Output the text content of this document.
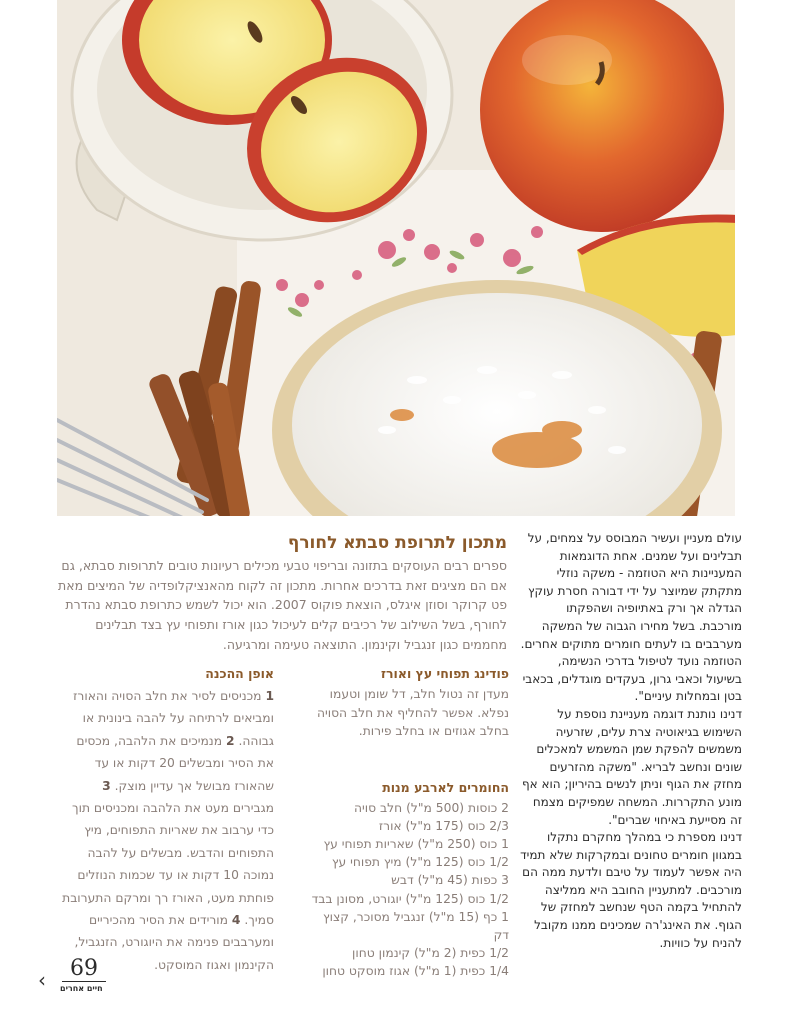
עולם מעניין ועשיר המבוסס על צמחים, על תבלינים ועל שמנים. אחת הדוגמאות המעניינות היא הטוזמה - משקה נוזלי מתקתק שמיוצר על ידי דבורה חסרת עוקץ הגדלה אך ורק באתיופיה ושהפקתו מורכבת. בשל מחירו הגבוה של המשקה מערבבים בו לעתים חומרים מתוקים אחרים. הטוזמה נועד לטיפול בדרכי הנשימה, בשיעול וכאבי גרון, בעקדים מוגדלים, בכאבי בטן ובמחלות עיניים".

דנינו נותנת דוגמה מעניינת נוספת על השימוש בגיאוטיה צרת עלים, שזרעיה משמשים להפקת שמן המשמש למאכלים שונים ונחשב לבריא. "משקה מהזרעים מחזק את הגוף וניתן לנשים בהיריון; הוא אף מונע התקררות. המשחה שמפיקים מצמח זה מסייעת באיחוי שברים".

דנינו מספרת כי במהלך מחקרם נתקלו במגוון חומרים טחונים ובמקרקות שלא תמיד היה אפשר לעמוד על טיבם ולדעת ממה הם מורכבים. למתעניין החובב היא ממליצה להתחיל בקמה הטף שנחשב למחזק של הגוף. את האינג'רה שמכינים ממנו מקובל להניח על כוויות.

מתכון לתרופת סבתא לחורף

ספרים רבים העוסקים בתזונה ובריפוי טבעי מכילים רעיונות טובים לתרופות סבתא, גם אם הם מציגים זאת בדרכים אחרות. מתכון זה לקוח מהאנציקלופדיה של המיצים מאת פט קרוקר וסוזן איגלס, הוצאת פוקוס 2007. הוא יכול לשמש כתרופת סבתא נהדרת לחורף, בשל השילוב של רכיבים קלים לעיכול כגון אורז ותפוחי עץ בצד תבלינים מחממים כגון זנגביל וקינמון. התוצאה טעימה ומרגיעה.

פודינג תפוחי עץ ואורז

מעדן זה נטול חלב, דל שומן וטעמו נפלא. אפשר להחליף את חלב הסויה בחלב אגוזים או בחלב פירות.

החומרים לארבע מנות
2 כוסות (500 מ"ל) חלב סויה
2/3 כוס (175 מ"ל) אורז
1 כוס (250 מ"ל) שאריות תפוחי עץ
1/2 כוס (125 מ"ל) מיץ תפוחי עץ
3 כפות (45 מ"ל) דבש
1/2 כוס (125 מ"ל) יוגורט, מסונן בבד
1 כף (15 מ"ל) זנגביל מסוכר, קצוץ דק
1/2 כפית (2 מ"ל) קינמון טחון
1/4 כפית (1 מ"ל) אגוז מוסקט טחון
אופן ההכנה

1 מכניסים לסיר את חלב הסויה והאורז ומביאים לרתיחה על להבה בינונית או גבוהה. 2 מנמיכים את הלהבה, מכסים את הסיר ומבשלים 20 דקות או עד שהאורז מבושל אך עדיין מוצק. 3 מגבירים מעט את הלהבה ומכניסים תוך כדי ערבוב את שאריות התפוחים, מיץ התפוחים והדבש. מבשלים על להבה נמוכה 10 דקות או עד שכמות הנוזלים פוחתת מעט, האורז רך ומרקם התערובת סמיך. 4 מורידים את הסיר מהכיריים ומערבבים פנימה את היוגורט, הזנגביל, הקינמון ואגוז המוסקט.

‹ 69
חיים אחרים
